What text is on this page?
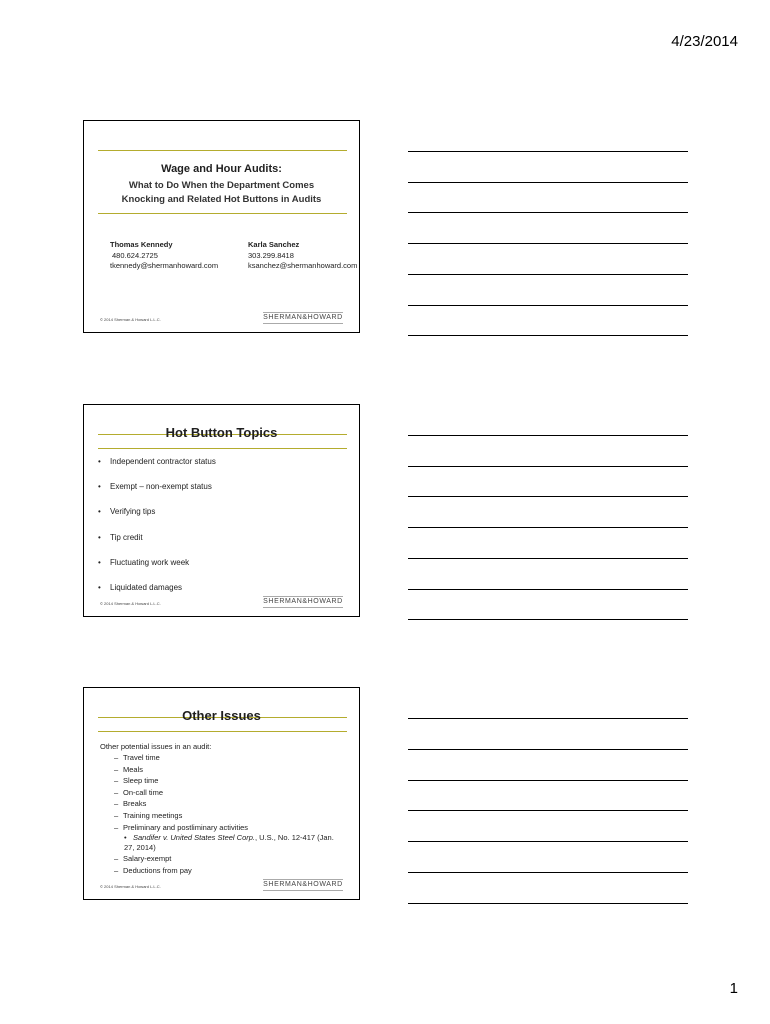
4/23/2014
Wage and Hour Audits:
What to Do When the Department Comes
Knocking and Related Hot Buttons in Audits
Thomas Kennedy
480.624.2725
tkennedy@shermanhoward.com
Karla Sanchez
303.299.8418
ksanchez@shermanhoward.com
© 2014 Sherman & Howard L.L.C.	SHERMAN&HOWARD
Hot Button Topics
• Independent contractor status
• Exempt – non-exempt status
• Verifying tips
• Tip credit
• Fluctuating work week
• Liquidated damages
© 2014 Sherman & Howard L.L.C.	SHERMAN&HOWARD
Other Issues
Other potential issues in an audit:
– Travel time
– Meals
– Sleep time
– On-call time
– Breaks
– Training meetings
– Preliminary and postliminary activities
• Sandifer v. United States Steel Corp., U.S., No. 12-417 (Jan. 27, 2014)
– Salary-exempt
– Deductions from pay
© 2014 Sherman & Howard L.L.C.	SHERMAN&HOWARD
1
